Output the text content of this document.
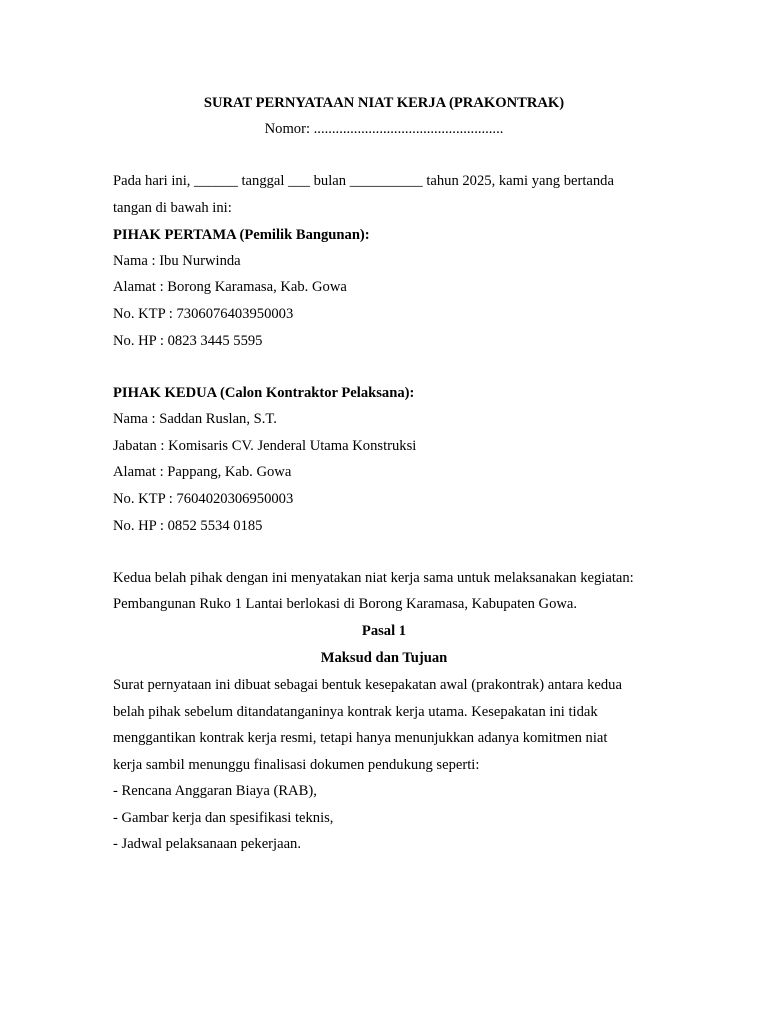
SURAT PERNYATAAN NIAT KERJA (PRAKONTRAK)
Nomor: ....................................................
Pada hari ini, ______ tanggal ___ bulan __________ tahun 2025, kami yang bertanda
tangan di bawah ini:
PIHAK PERTAMA (Pemilik Bangunan):
Nama : Ibu Nurwinda
Alamat : Borong Karamasa, Kab. Gowa
No. KTP : 7306076403950003
No. HP : 0823 3445 5595
PIHAK KEDUA (Calon Kontraktor Pelaksana):
Nama : Saddan Ruslan, S.T.
Jabatan : Komisaris CV. Jenderal Utama Konstruksi
Alamat : Pappang, Kab. Gowa
No. KTP : 7604020306950003
No. HP : 0852 5534 0185
Kedua belah pihak dengan ini menyatakan niat kerja sama untuk melaksanakan kegiatan:
Pembangunan Ruko 1 Lantai berlokasi di Borong Karamasa, Kabupaten Gowa.
Pasal 1
Maksud dan Tujuan
Surat pernyataan ini dibuat sebagai bentuk kesepakatan awal (prakontrak) antara kedua
belah pihak sebelum ditandatanganinya kontrak kerja utama. Kesepakatan ini tidak
menggantikan kontrak kerja resmi, tetapi hanya menunjukkan adanya komitmen niat
kerja sambil menunggu finalisasi dokumen pendukung seperti:
- Rencana Anggaran Biaya (RAB),
- Gambar kerja dan spesifikasi teknis,
- Jadwal pelaksanaan pekerjaan.
